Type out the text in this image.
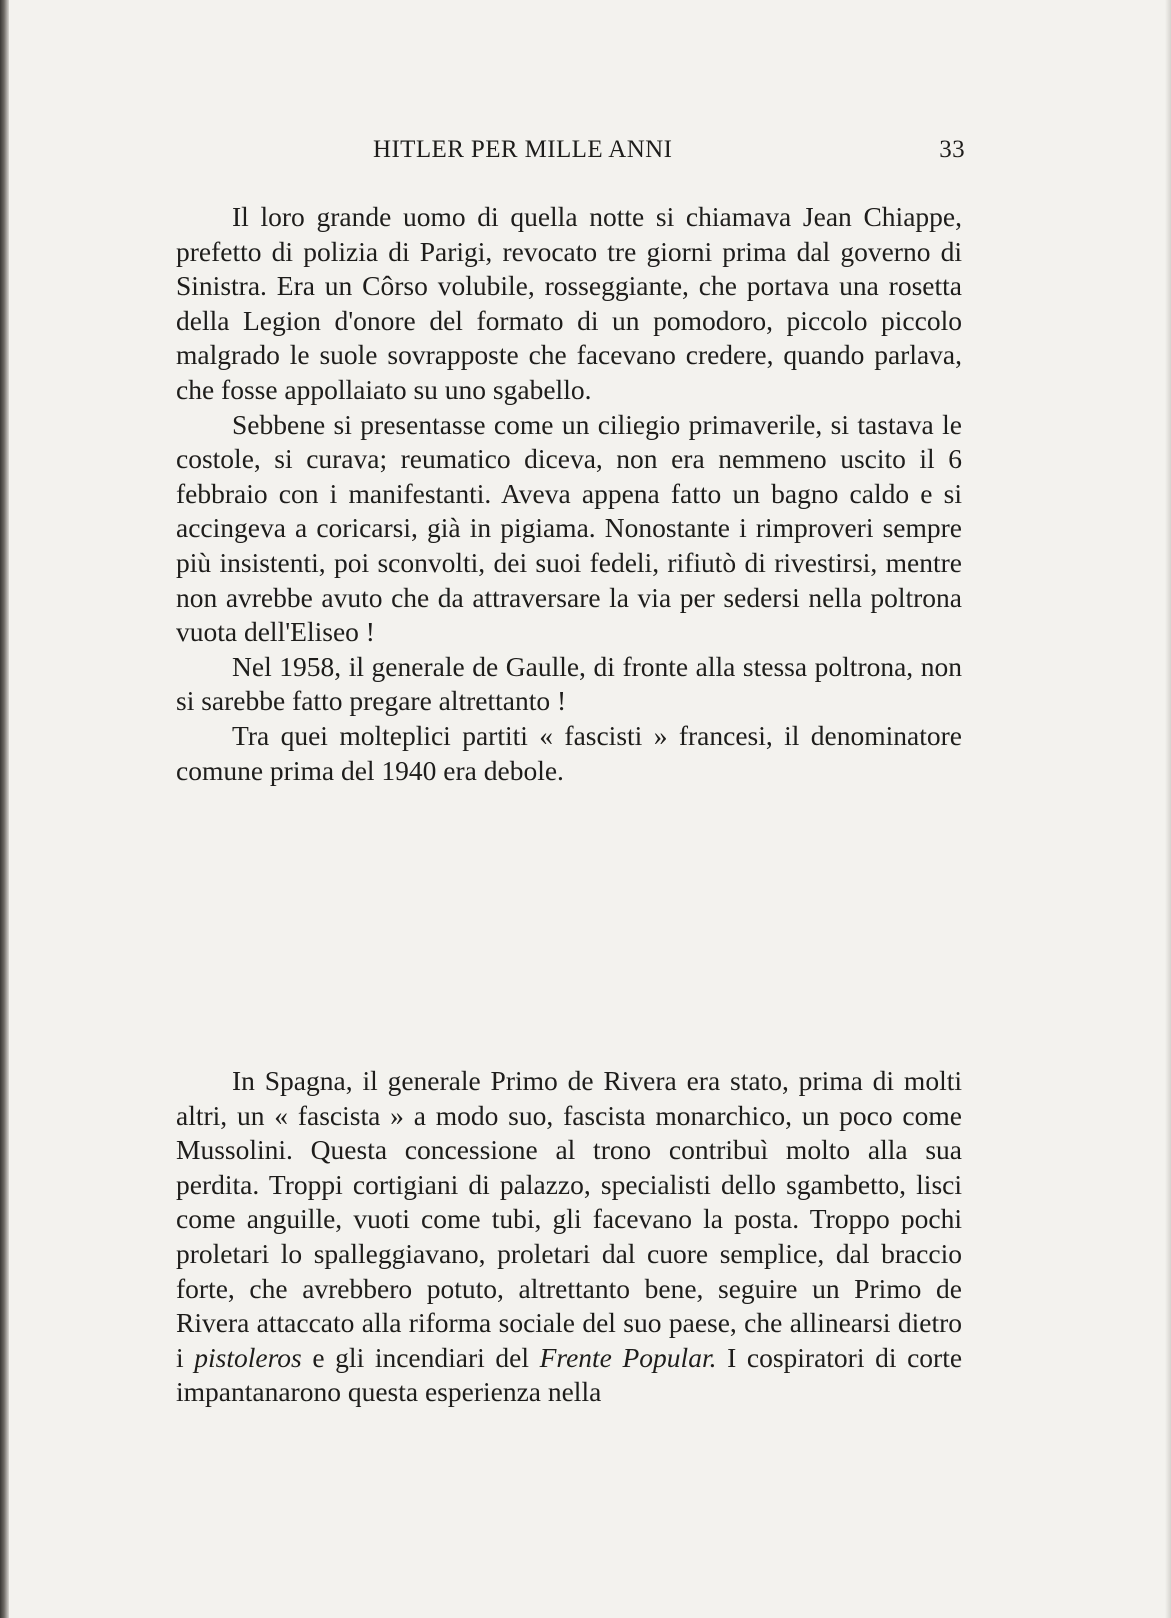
HITLER PER MILLE ANNI	33

Il loro grande uomo di quella notte si chiamava Jean Chiappe, prefetto di polizia di Parigi, revocato tre giorni prima dal governo di Sinistra. Era un Côrso volubile, rosseggiante, che portava una rosetta della Legion d'onore del formato di un pomodoro, piccolo piccolo malgrado le suole sovrapposte che facevano credere, quando parlava, che fosse appollaiato su uno sgabello.

Sebbene si presentasse come un ciliegio primaverile, si tastava le costole, si curava; reumatico diceva, non era nemmeno uscito il 6 febbraio con i manifestanti. Aveva appena fatto un bagno caldo e si accingeva a coricarsi, già in pigiama. Nonostante i rimproveri sempre più insistenti, poi sconvolti, dei suoi fedeli, rifiutò di rivestirsi, mentre non avrebbe avuto che da attraversare la via per sedersi nella poltrona vuota dell'Eliseo !

Nel 1958, il generale de Gaulle, di fronte alla stessa poltrona, non si sarebbe fatto pregare altrettanto !

Tra quei molteplici partiti « fascisti » francesi, il denominatore comune prima del 1940 era debole.

In Spagna, il generale Primo de Rivera era stato, prima di molti altri, un « fascista » a modo suo, fascista monarchico, un poco come Mussolini. Questa concessione al trono contribuì molto alla sua perdita. Troppi cortigiani di palazzo, specialisti dello sgambetto, lisci come anguille, vuoti come tubi, gli facevano la posta. Troppo pochi proletari lo spalleggiavano, proletari dal cuore semplice, dal braccio forte, che avrebbero potuto, altrettanto bene, seguire un Primo de Rivera attaccato alla riforma sociale del suo paese, che allinearsi dietro i pistoleros e gli incendiari del Frente Popular. I cospiratori di corte impantanarono questa esperienza nella
